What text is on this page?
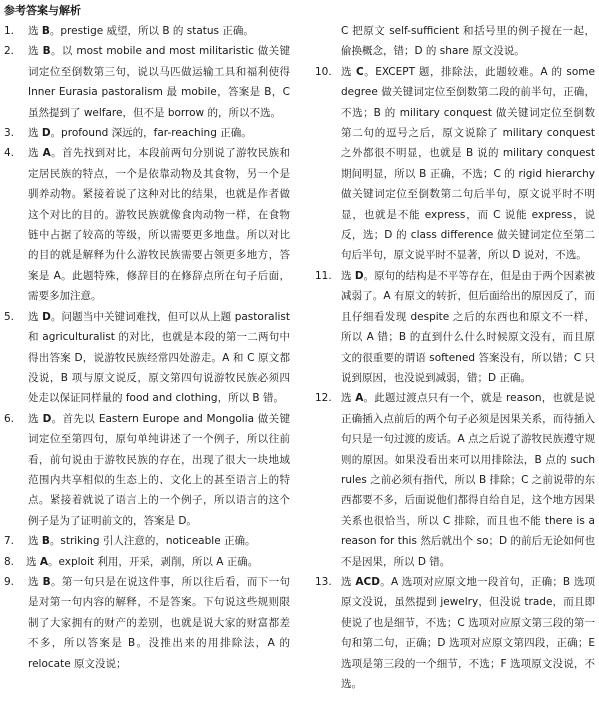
参考答案与解析
1.	选 B。prestige 威望，所以 B 的 status 正确。
2.	选 B。以 most mobile and most militaristic 做关键词定位至倒数第三句，说以马匹做运输工具和福利使得 Inner Eurasia pastoralism 最 mobile，答案是 B，C 虽然提到了 welfare，但不是 borrow 的，所以不选。
3.	选 D。profound 深远的，far-reaching 正确。
4.	选 A。首先找到对比，本段前两句分别说了游牧民族和定居民族的特点，一个是依靠动物及其食物，另一个是驯养动物。紧接着说了这种对比的结果，也就是作者做这个对比的目的。游牧民族就像食肉动物一样，在食物链中占据了较高的等级，所以需要更多地盘。所以对比的目的就是解释为什么游牧民族需要占领更多地方，答案是 A。此题特殊，修辞目的在修辞点所在句子后面，需要多加注意。
5.	选 D。问题当中关键词难找，但可以从上题 pastoralist 和 agriculturalist 的对比，也就是本段的第一二两句中得出答案 D，说游牧民族经常四处游走。A 和 C 原文都没说，B 项与原文说反，原文第四句说游牧民族必须四处走以保证同样量的 food and clothing，所以 B 错。
6.	选 D。首先以 Eastern Europe and Mongolia 做关键词定位至第四句，原句单纯讲述了一个例子，所以往前看，前句说由于游牧民族的存在，出现了很大一块地域范围内共享相似的生态上的、文化上的甚至语言上的特点。紧接着就说了语言上的一个例子，所以语言的这个例子是为了证明前文的，答案是 D。
7.	选 B。striking 引人注意的，noticeable 正确。
8.	选 A。exploit 利用，开采，剥削，所以 A 正确。
9.	选 B。第一句只是在说这件事，所以往后看，而下一句是对第一句内容的解释，不是答案。下句说这些规则限制了大家拥有的财产的差别，也就是说大家的财富都差不多，所以答案是 B。没推出来的用排除法，A 的 relocate 原文没说；
C 把原文 self-sufficient 和括号里的例子搅在一起，偷换概念，错；D 的 share 原文没说。
10. 选 C。EXCEPT 题，排除法，此题较难。A 的 some degree 做关键词定位至倒数第二段的前半句，正确，不选；B 的 military conquest 做关键词定位至倒数第二句的逗号之后，原文说除了 military conquest 之外都很不明显，也就是 B 说的 military conquest 期间明显，所以 B 正确，不选；C 的 rigid hierarchy 做关键词定位至倒数第二句后半句，原文说平时不明显，也就是不能 express，而 C 说能 express，说反，选；D 的 class difference 做关键词定位至第二句后半句，原文说平时不显著，所以 D 说对，不选。
11. 选 D。原句的结构是不平等存在，但是由于两个因素被减弱了。A 有原文的转折，但后面给出的原因反了，而且仔细看发现 despite 之后的东西也和原文不一样，所以 A 错；B 的直到什么什么时候原文没有，而且原文的很重要的谓语 softened 答案没有，所以错；C 只说到原因，也没说到减弱，错；D 正确。
12. 选 A。此题过渡点只有一个，就是 reason，也就是说正确插入点前后的两个句子必须是因果关系，而待插入句只是一句过渡的废话。A 点之后说了游牧民族遵守规则的原因。如果没看出来可以用排除法，B 点的 such rules 之前必须有指代，所以 B 排除；C 之前说带的东西都要不多，后面说他们都得自给自足，这个地方因果关系也很恰当，所以 C 排除，而且也不能 there is a reason for this 然后就出个 so；D 的前后无论如何也不是因果，所以 D 错。
13. 选 ACD。A 选项对应原文地一段首句，正确；B 选项原文没说，虽然提到 jewelry，但没说 trade，而且即使说了也是细节，不选；C 选项对应原文第三段的第一句和第二句，正确；D 选项对应原文第四段，正确；E 选项是第三段的一个细节，不选；F 选项原文没说，不选。
